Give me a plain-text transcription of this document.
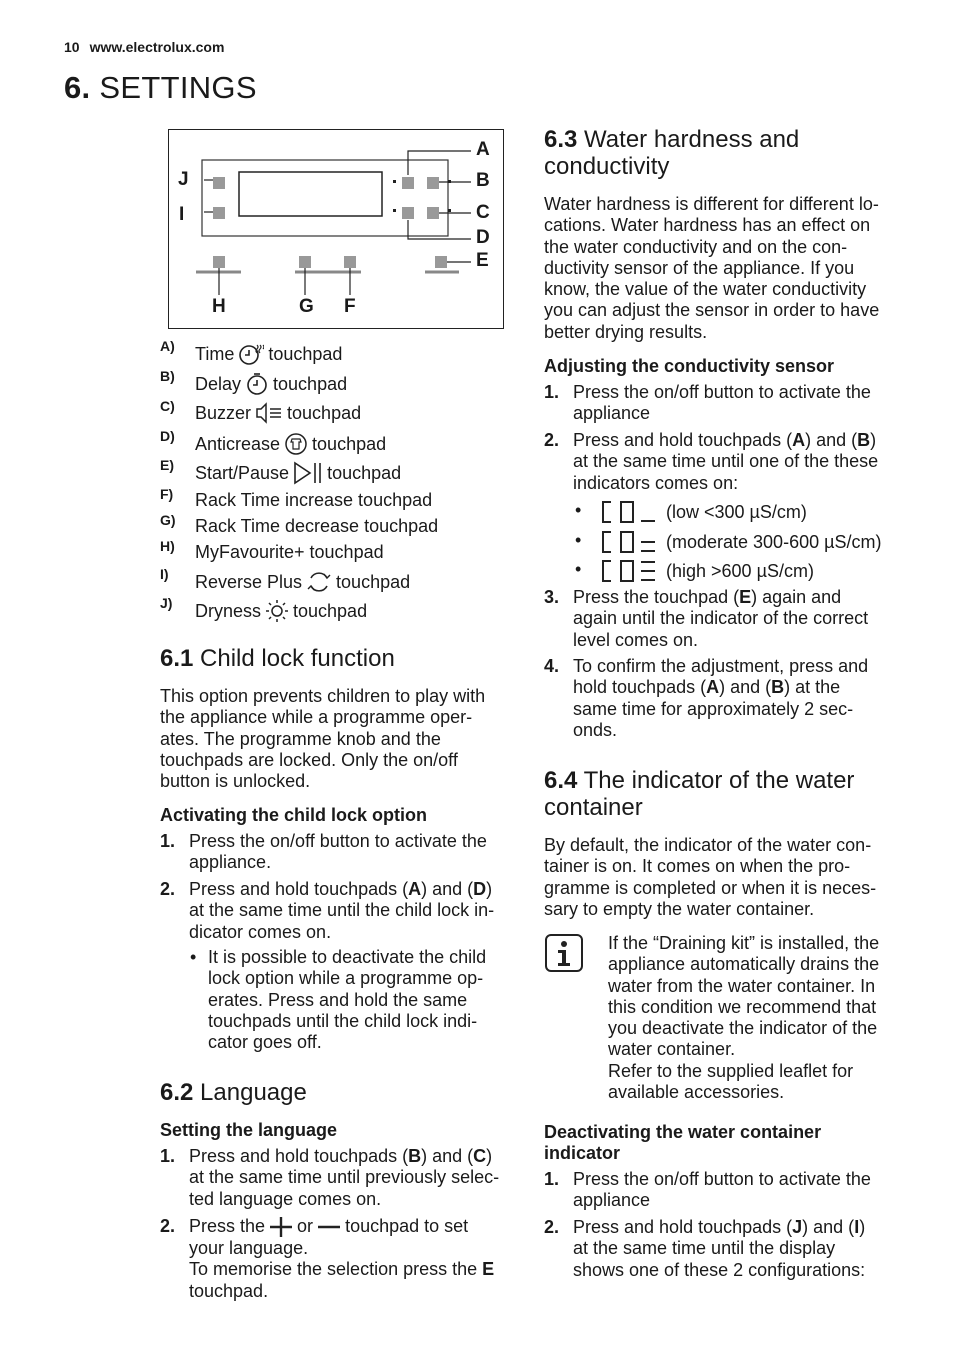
10 www.electrolux.com
6. SETTINGS
A
B
C
D
E
J
I
H	G F
A) Time touchpad
B) Delay touchpad
C) Buzzer touchpad
D) Anticrease touchpad
E) Start/Pause touchpad
F) Rack Time increase touchpad
G) Rack Time decrease touchpad
H) MyFavourite+ touchpad
I) Reverse Plus touchpad
J) Dryness touchpad
6.1 Child lock function
This option prevents children to play with
the appliance while a programme oper-
ates. The programme knob and the
touchpads are locked. Only the on/off
button is unlocked.
Activating the child lock option
1. Press the on/off button to activate the
appliance.
2. Press and hold touchpads (A) and (D)
at the same time until the child lock in-
dicator comes on.
• It is possible to deactivate the child
lock option while a programme op-
erates. Press and hold the same
touchpads until the child lock indi-
cator goes off.
6.2 Language
Setting the language
1. Press and hold touchpads (B) and (C)
at the same time until previously selec-
ted language comes on.
2. Press the or touchpad to set
your language.
To memorise the selection press the E
touchpad.
6.3 Water hardness and
conductivity
Water hardness is different for different lo-
cations. Water hardness has an effect on
the water conductivity and on the con-
ductivity sensor of the appliance. If you
know, the value of the water conductivity
you can adjust the sensor in order to have
better drying results.
Adjusting the conductivity sensor
1. Press the on/off button to activate the
appliance
2. Press and hold touchpads (A) and (B)
at the same time until one of the these
indicators comes on:
•	(low <300 µS/cm)
•	(moderate 300-600 µS/cm)
•	(high >600 µS/cm)
3. Press the touchpad (E) again and
again until the indicator of the correct
level comes on.
4. To confirm the adjustment, press and
hold touchpads (A) and (B) at the
same time for approximately 2 sec-
onds.
6.4 The indicator of the water
container
By default, the indicator of the water con-
tainer is on. It comes on when the pro-
gramme is completed or when it is neces-
sary to empty the water container.
If the “Draining kit” is installed, the
appliance automatically drains the
water from the water container. In
this condition we recommend that
you deactivate the indicator of the
water container.
Refer to the supplied leaflet for
available accessories.
Deactivating the water container
indicator
1. Press the on/off button to activate the
appliance
2. Press and hold touchpads (J) and (I)
at the same time until the display
shows one of these 2 configurations:
